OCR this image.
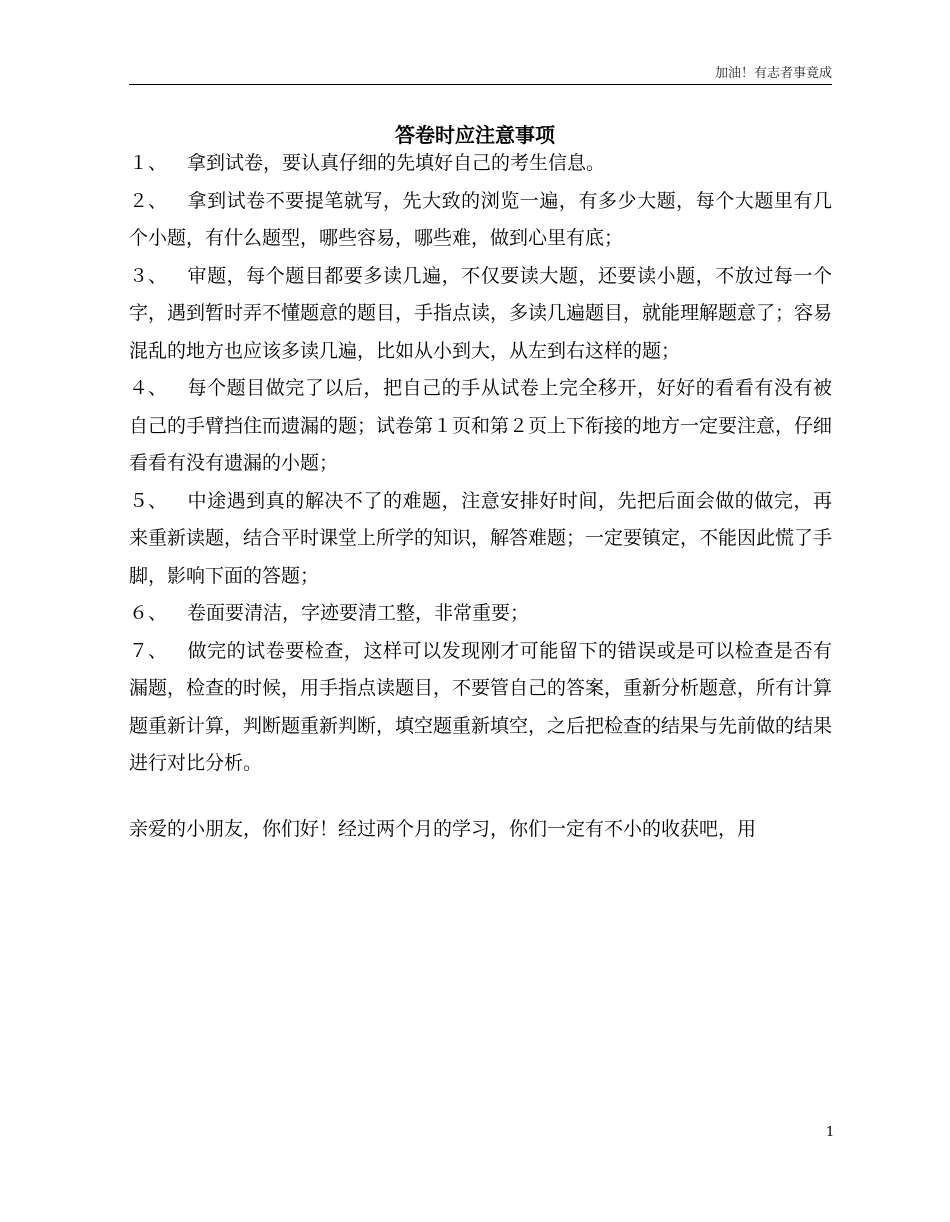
加油！有志者事竟成
答卷时应注意事项

１、 拿到试卷，要认真仔细的先填好自己的考生信息。

２、 拿到试卷不要提笔就写，先大致的浏览一遍，有多少大题，每个大题里有几个小题，有什么题型，哪些容易，哪些难，做到心里有底；

３、 审题，每个题目都要多读几遍，不仅要读大题，还要读小题，不放过每一个字，遇到暂时弄不懂题意的题目，手指点读，多读几遍题目，就能理解题意了；容易混乱的地方也应该多读几遍，比如从小到大，从左到右这样的题；

４、 每个题目做完了以后，把自己的手从试卷上完全移开，好好的看看有没有被自己的手臂挡住而遗漏的题；试卷第１页和第２页上下衔接的地方一定要注意，仔细看看有没有遗漏的小题；

５、 中途遇到真的解决不了的难题，注意安排好时间，先把后面会做的做完，再来重新读题，结合平时课堂上所学的知识，解答难题；一定要镇定，不能因此慌了手脚，影响下面的答题；

６、 卷面要清洁，字迹要清工整，非常重要；

７、 做完的试卷要检查，这样可以发现刚才可能留下的错误或是可以检查是否有漏题，检查的时候，用手指点读题目，不要管自己的答案，重新分析题意，所有计算题重新计算，判断题重新判断，填空题重新填空，之后把检查的结果与先前做的结果进行对比分析。

亲爱的小朋友，你们好！经过两个月的学习，你们一定有不小的收获吧，用

1
